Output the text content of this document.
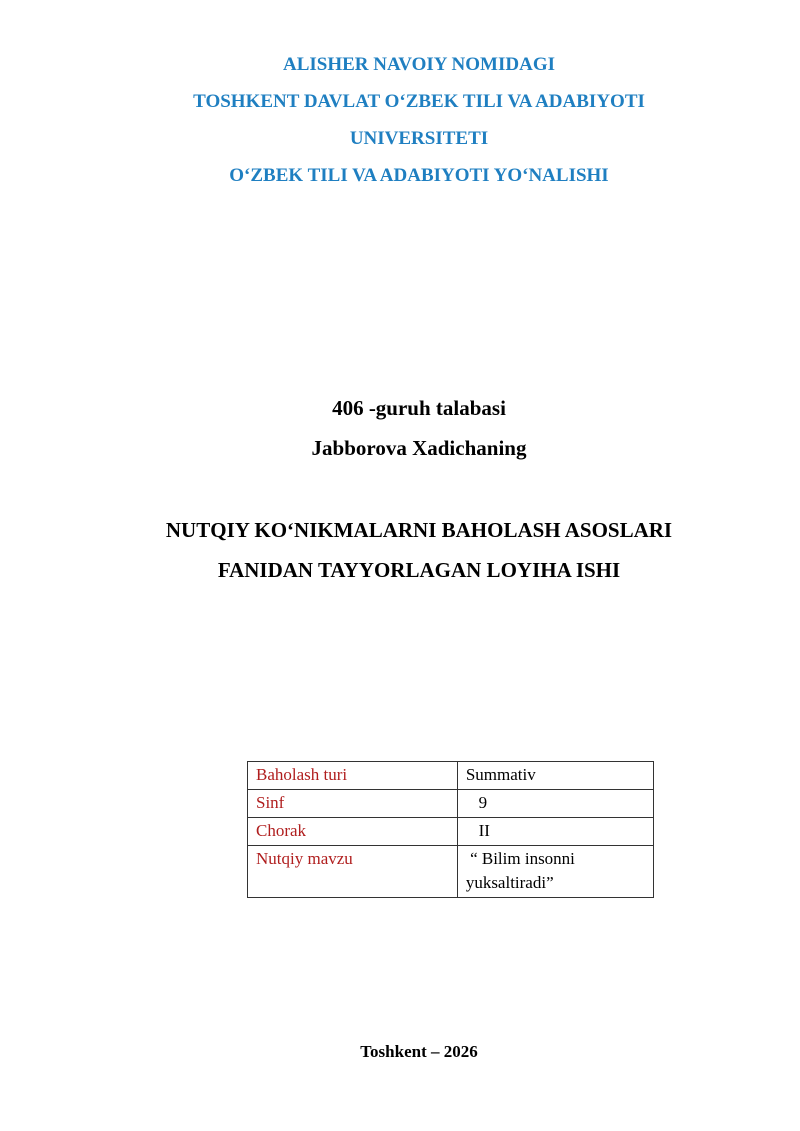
ALISHER NAVOIY NOMIDAGI
TOSHKENT DAVLAT O‘ZBEK TILI VA ADABIYOTI
UNIVERSITETI
O‘ZBEK TILI VA ADABIYOTI YO‘NALISHI
406 -guruh talabasi
Jabborova Xadichaning
NUTQIY KO‘NIKMALARNI BAHOLASH ASOSLARI
FANIDAN TAYYORLAGAN LOYIHA ISHI
Baholash turi	Summativ
Sinf	9
Chorak	II
Nutqiy mavzu	“ Bilim insonni yuksaltiradi”
Toshkent – 2026
